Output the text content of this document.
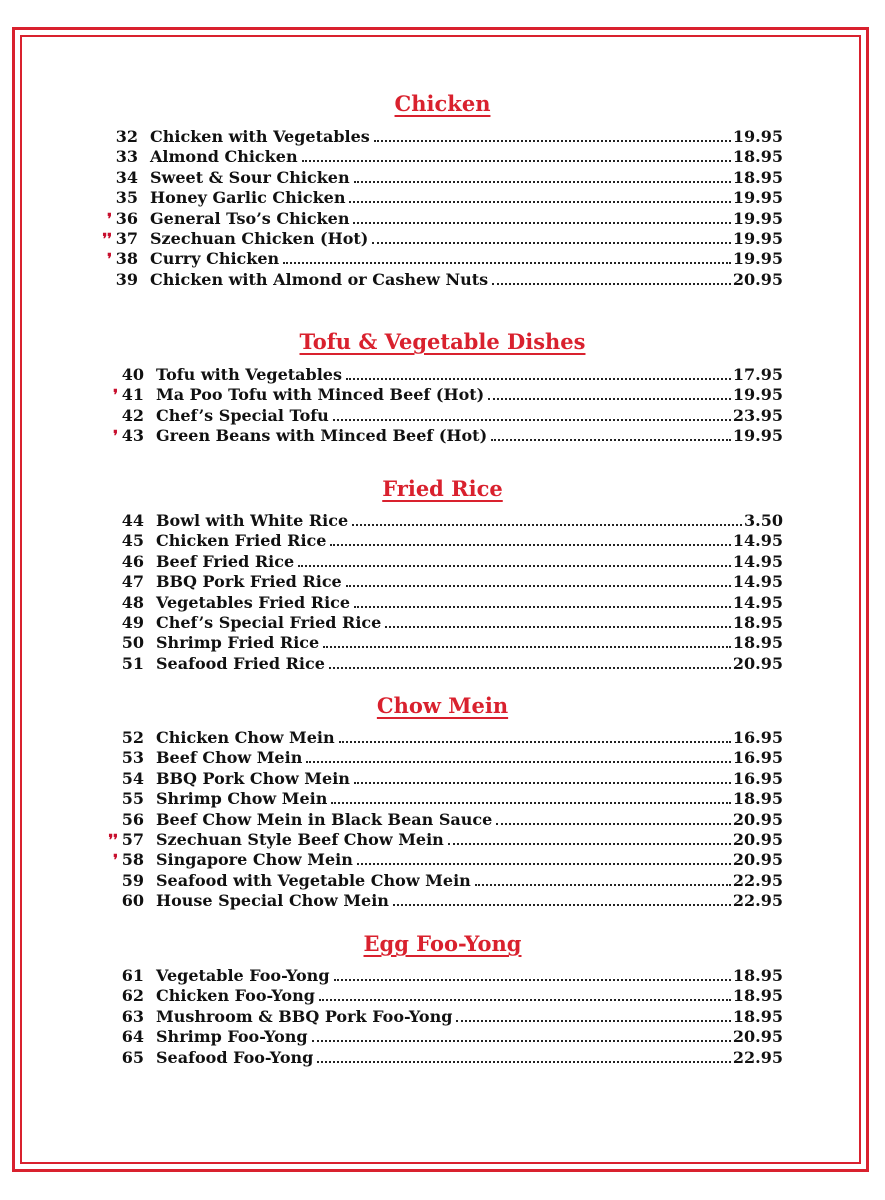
Chicken
32 Chicken with Vegetables	19.95
33 Almond Chicken	18.95
34 Sweet & Sour Chicken	18.95
35 Honey Garlic Chicken	19.95
❜ 36 General Tso’s Chicken	19.95
❜❜ 37 Szechuan Chicken (Hot)	19.95
❜ 38 Curry Chicken	19.95
39 Chicken with Almond or Cashew Nuts	20.95
Tofu & Vegetable Dishes
40 Tofu with Vegetables	17.95
❜ 41 Ma Poo Tofu with Minced Beef (Hot)	19.95
42 Chef’s Special Tofu	23.95
❜ 43 Green Beans with Minced Beef (Hot)	19.95
Fried Rice
44 Bowl with White Rice	3.50
45 Chicken Fried Rice	14.95
46 Beef Fried Rice	14.95
47 BBQ Pork Fried Rice	14.95
48 Vegetables Fried Rice	14.95
49 Chef’s Special Fried Rice	18.95
50 Shrimp Fried Rice	18.95
51 Seafood Fried Rice	20.95
Chow Mein
52 Chicken Chow Mein	16.95
53 Beef Chow Mein	16.95
54 BBQ Pork Chow Mein	16.95
55 Shrimp Chow Mein	18.95
56 Beef Chow Mein in Black Bean Sauce	20.95
❜❜ 57 Szechuan Style Beef Chow Mein	20.95
❜ 58 Singapore Chow Mein	20.95
59 Seafood with Vegetable Chow Mein	22.95
60 House Special Chow Mein	22.95
Egg Foo-Yong
61 Vegetable Foo-Yong	18.95
62 Chicken Foo-Yong	18.95
63 Mushroom & BBQ Pork Foo-Yong	18.95
64 Shrimp Foo-Yong	20.95
65 Seafood Foo-Yong	22.95
